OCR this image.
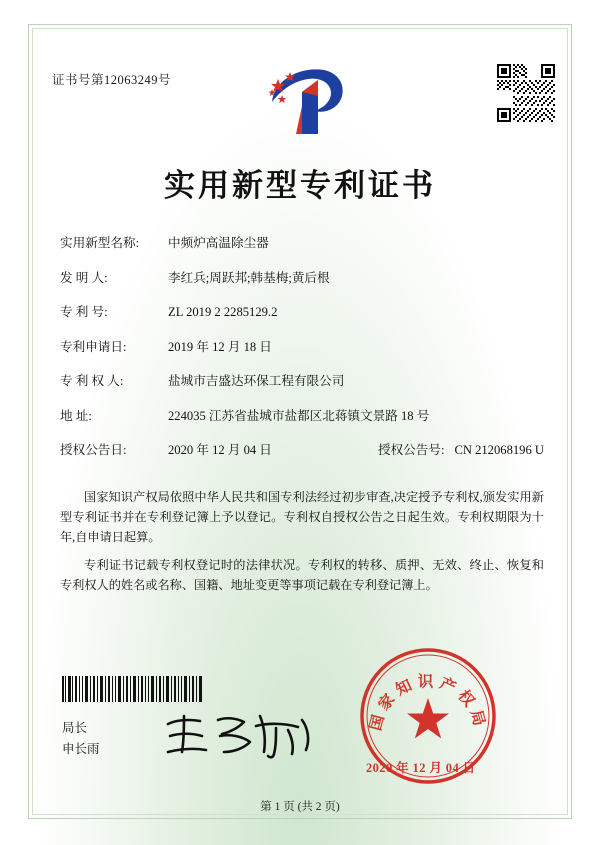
证书号第12063249号
实用新型专利证书
实用新型名称:	中频炉高温除尘器
发 明 人:	李红兵;周跃邦;韩基梅;黄后根
专 利 号:	ZL 2019 2 2285129.2
专利申请日:	2019 年 12 月 18 日
专 利 权 人:	盐城市吉盛达环保工程有限公司
地 址:	224035 江苏省盐城市盐都区北蒋镇文景路 18 号
授权公告日:	2020 年 12 月 04 日	授权公告号: CN 212068196 U

国家知识产权局依照中华人民共和国专利法经过初步审查,决定授予专利权,颁发实用新型专利证书并在专利登记簿上予以登记。专利权自授权公告之日起生效。专利权期限为十年,自申请日起算。

专利证书记载专利权登记时的法律状况。专利权的转移、质押、无效、终止、恢复和专利权人的姓名或名称、国籍、地址变更等事项记载在专利登记簿上。

局长
申长雨
国家知识产权局
2020 年 12 月 04 日
第 1 页 (共 2 页)
